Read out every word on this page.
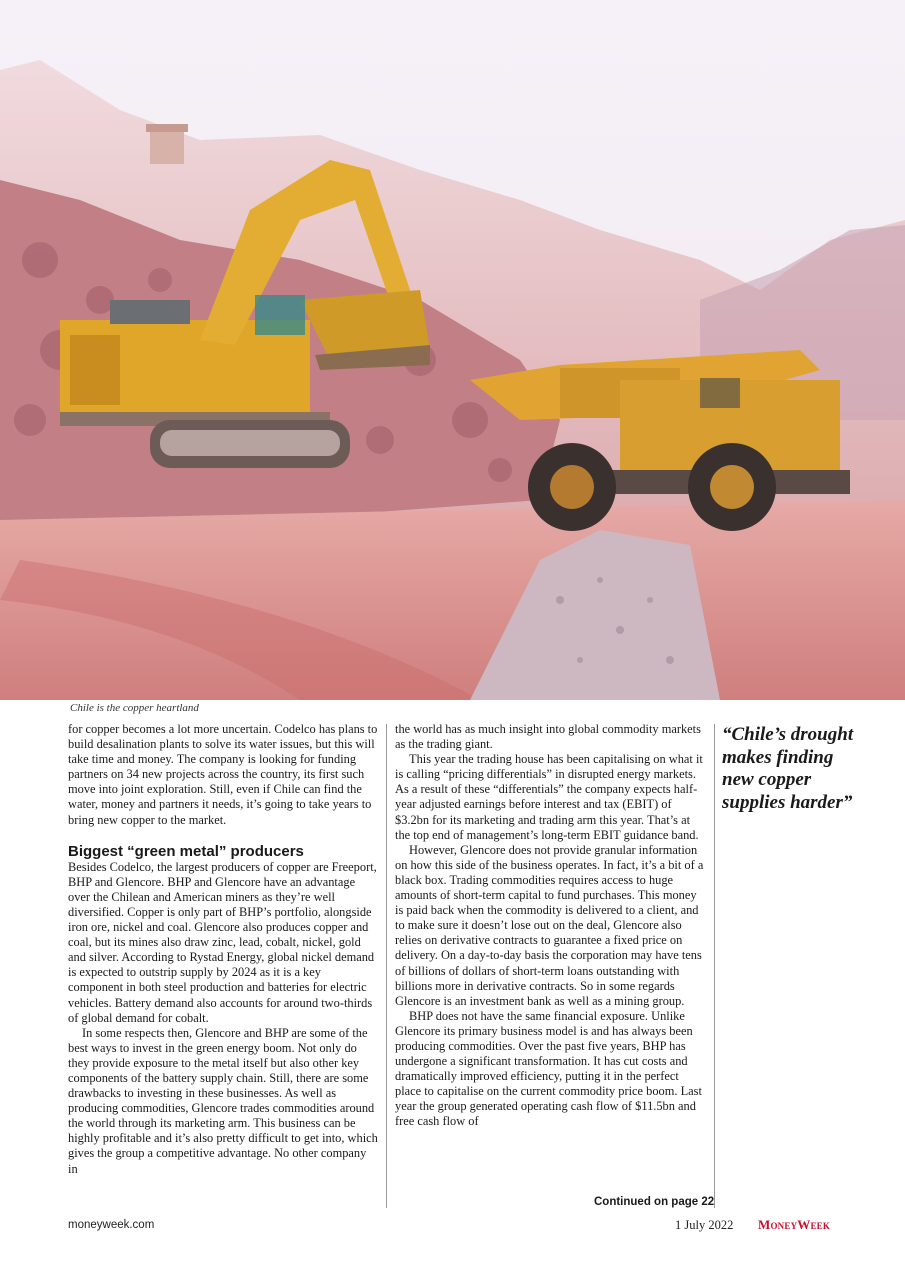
Chile is the copper heartland

for copper becomes a lot more uncertain. Codelco has plans to build desalination plants to solve its water issues, but this will take time and money. The company is looking for funding partners on 34 new projects across the country, its first such move into joint exploration. Still, even if Chile can find the water, money and partners it needs, it’s going to take years to bring new copper to the market.

Biggest “green metal” producers

Besides Codelco, the largest producers of copper are Freeport, BHP and Glencore. BHP and Glencore have an advantage over the Chilean and American miners as they’re well diversified. Copper is only part of BHP’s portfolio, alongside iron ore, nickel and coal. Glencore also produces copper and coal, but its mines also draw zinc, lead, cobalt, nickel, gold and silver. According to Rystad Energy, global nickel demand is expected to outstrip supply by 2024 as it is a key component in both steel production and batteries for electric vehicles. Battery demand also accounts for around two-thirds of global demand for cobalt.

In some respects then, Glencore and BHP are some of the best ways to invest in the green energy boom. Not only do they provide exposure to the metal itself but also other key components of the battery supply chain. Still, there are some drawbacks to investing in these businesses. As well as producing commodities, Glencore trades commodities around the world through its marketing arm. This business can be highly profitable and it’s also pretty difficult to get into, which gives the group a competitive advantage. No other company in

the world has as much insight into global commodity markets as the trading giant.

This year the trading house has been capitalising on what it is calling “pricing differentials” in disrupted energy markets. As a result of these “differentials” the company expects half-year adjusted earnings before interest and tax (EBIT) of $3.2bn for its marketing and trading arm this year. That’s at the top end of management’s long-term EBIT guidance band.

However, Glencore does not provide granular information on how this side of the business operates. In fact, it’s a bit of a black box. Trading commodities requires access to huge amounts of short-term capital to fund purchases. This money is paid back when the commodity is delivered to a client, and to make sure it doesn’t lose out on the deal, Glencore also relies on derivative contracts to guarantee a fixed price on delivery. On a day-to-day basis the corporation may have tens of billions of dollars of short-term loans outstanding with billions more in derivative contracts. So in some regards Glencore is an investment bank as well as a mining group.

BHP does not have the same financial exposure. Unlike Glencore its primary business model is and has always been producing commodities. Over the past five years, BHP has undergone a significant transformation. It has cut costs and dramatically improved efficiency, putting it in the perfect place to capitalise on the current commodity price boom. Last year the group generated operating cash flow of $11.5bn and free cash flow of

“Chile’s drought makes finding new copper supplies harder”
Continued on page 22
moneyweek.com	1 July 2022 MoneyWeek
